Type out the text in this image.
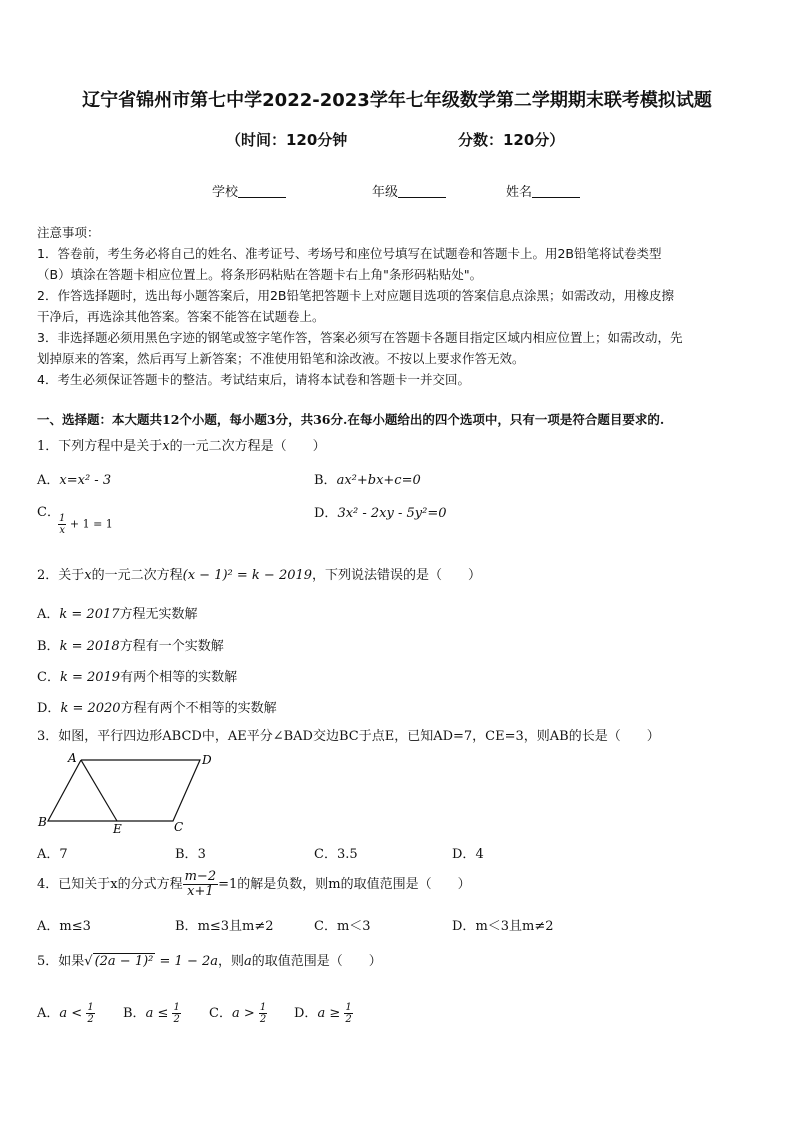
辽宁省锦州市第七中学2022-2023学年七年级数学第二学期期末联考模拟试题
（时间：120分钟	分数：120分）
学校	年级	姓名
注意事项：
1．答卷前，考生务必将自己的姓名、准考证号、考场号和座位号填写在试题卷和答题卡上。用2B铅笔将试卷类型
（B）填涂在答题卡相应位置上。将条形码粘贴在答题卡右上角"条形码粘贴处"。
2．作答选择题时，选出每小题答案后，用2B铅笔把答题卡上对应题目选项的答案信息点涂黑；如需改动，用橡皮擦
干净后，再选涂其他答案。答案不能答在试题卷上。
3．非选择题必须用黑色字迹的钢笔或签字笔作答，答案必须写在答题卡各题目指定区域内相应位置上；如需改动，先
划掉原来的答案，然后再写上新答案；不准使用铅笔和涂改液。不按以上要求作答无效。
4．考生必须保证答题卡的整洁。考试结束后，请将本试卷和答题卡一并交回。
一、选择题：本大题共12个小题，每小题3分，共36分.在每小题给出的四个选项中，只有一项是符合题目要求的.
1．下列方程中是关于x的一元二次方程是（　　）
A．x=x² - 3	B．ax²+bx+c=0
C．
$\frac{1}{x} + 1 = 1$
D．3x² - 2xy - 5y²=0
2．关于x的一元二次方程(x − 1)² = k − 2019，下列说法错误的是（　　）
A．k = 2017方程无实数解
B．k = 2018方程有一个实数解
C．k = 2019有两个相等的实数解
D．k = 2020方程有两个不相等的实数解
3．如图，平行四边形ABCD中，AE平分∠BAD交边BC于点E，已知AD=7，CE=3，则AB的长是（　　）
A	D
B	E	C
A．7	B．3	C．3.5	D．4
4．已知关于x的分式方程 $\frac{m-2}{x+1} =1$的解是负数，则m的取值范围是（　　）
A．m≤3	B．m≤3且m≠2	C．m＜3	D．m＜3且m≠2
5．如果√ (2𝑎 − 1)² = 1 − 2𝑎，则a的取值范围是（　　）
A．𝑎 < $\frac{1}{2}$ B．𝑎 ≤ $\frac{1}{2}$ C．𝑎 > $\frac{1}{2}$ D．𝑎 ≥ $\frac{1}{2}$
